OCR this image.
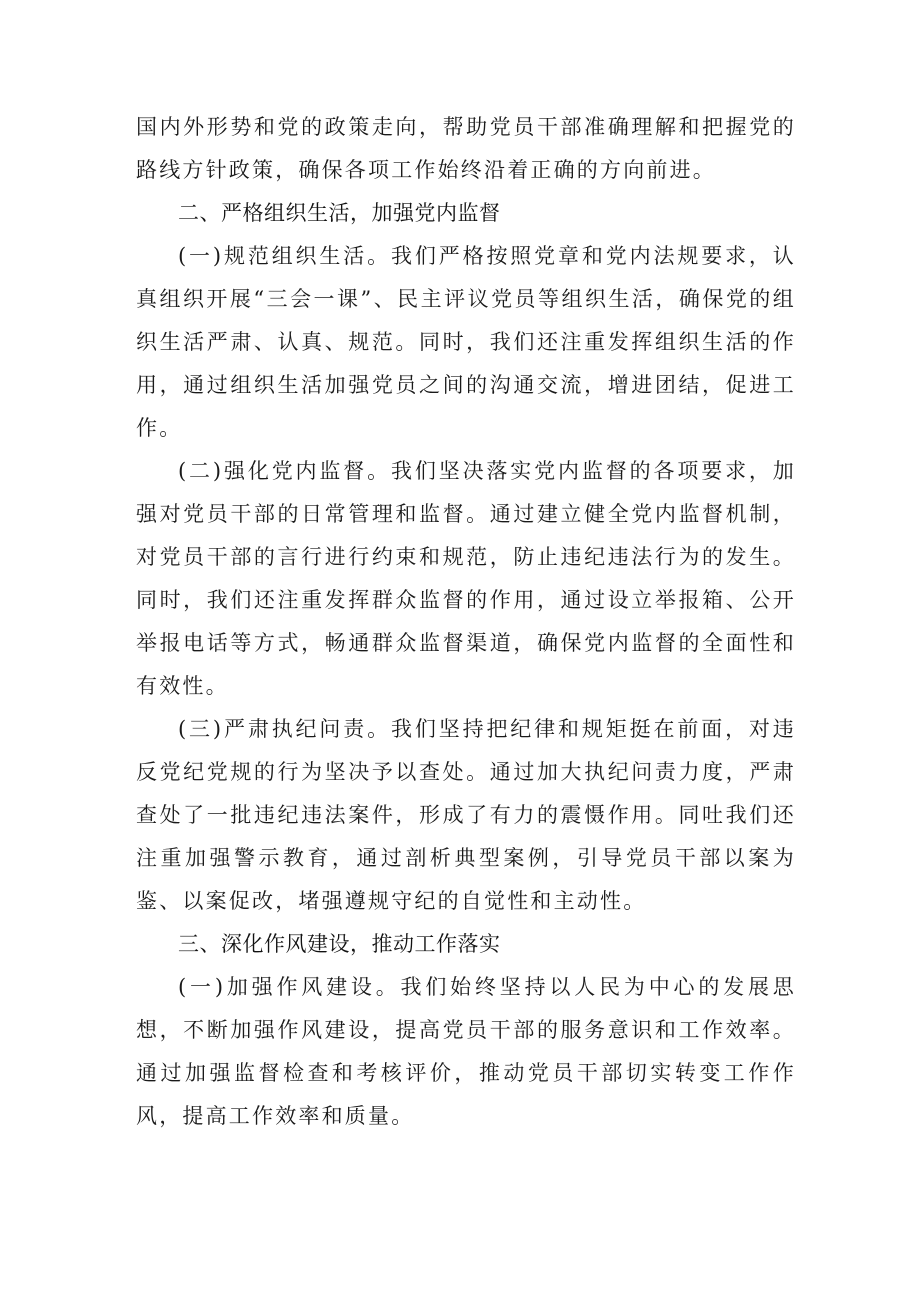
国内外形势和党的政策走向，帮助党员干部准确理解和把握党的路线方针政策，确保各项工作始终沿着正确的方向前进。

二、严格组织生活，加强党内监督

(一)规范组织生活。我们严格按照党章和党内法规要求，认真组织开展“三会一课”、民主评议党员等组织生活，确保党的组织生活严肃、认真、规范。同时，我们还注重发挥组织生活的作用，通过组织生活加强党员之间的沟通交流，增进团结，促进工作。

(二)强化党内监督。我们坚决落实党内监督的各项要求，加强对党员干部的日常管理和监督。通过建立健全党内监督机制，对党员干部的言行进行约束和规范，防止违纪违法行为的发生。同时，我们还注重发挥群众监督的作用，通过设立举报箱、公开举报电话等方式，畅通群众监督渠道，确保党内监督的全面性和有效性。

(三)严肃执纪问责。我们坚持把纪律和规矩挺在前面，对违反党纪党规的行为坚决予以查处。通过加大执纪问责力度，严肃查处了一批违纪违法案件，形成了有力的震慑作用。同吐我们还注重加强警示教育，通过剖析典型案例，引导党员干部以案为鉴、以案促改，堵强遵规守纪的自觉性和主动性。

三、深化作风建设，推动工作落实

(一)加强作风建设。我们始终坚持以人民为中心的发展思想，不断加强作风建设，提高党员干部的服务意识和工作效率。通过加强监督检查和考核评价，推动党员干部切实转变工作作风，提高工作效率和质量。
